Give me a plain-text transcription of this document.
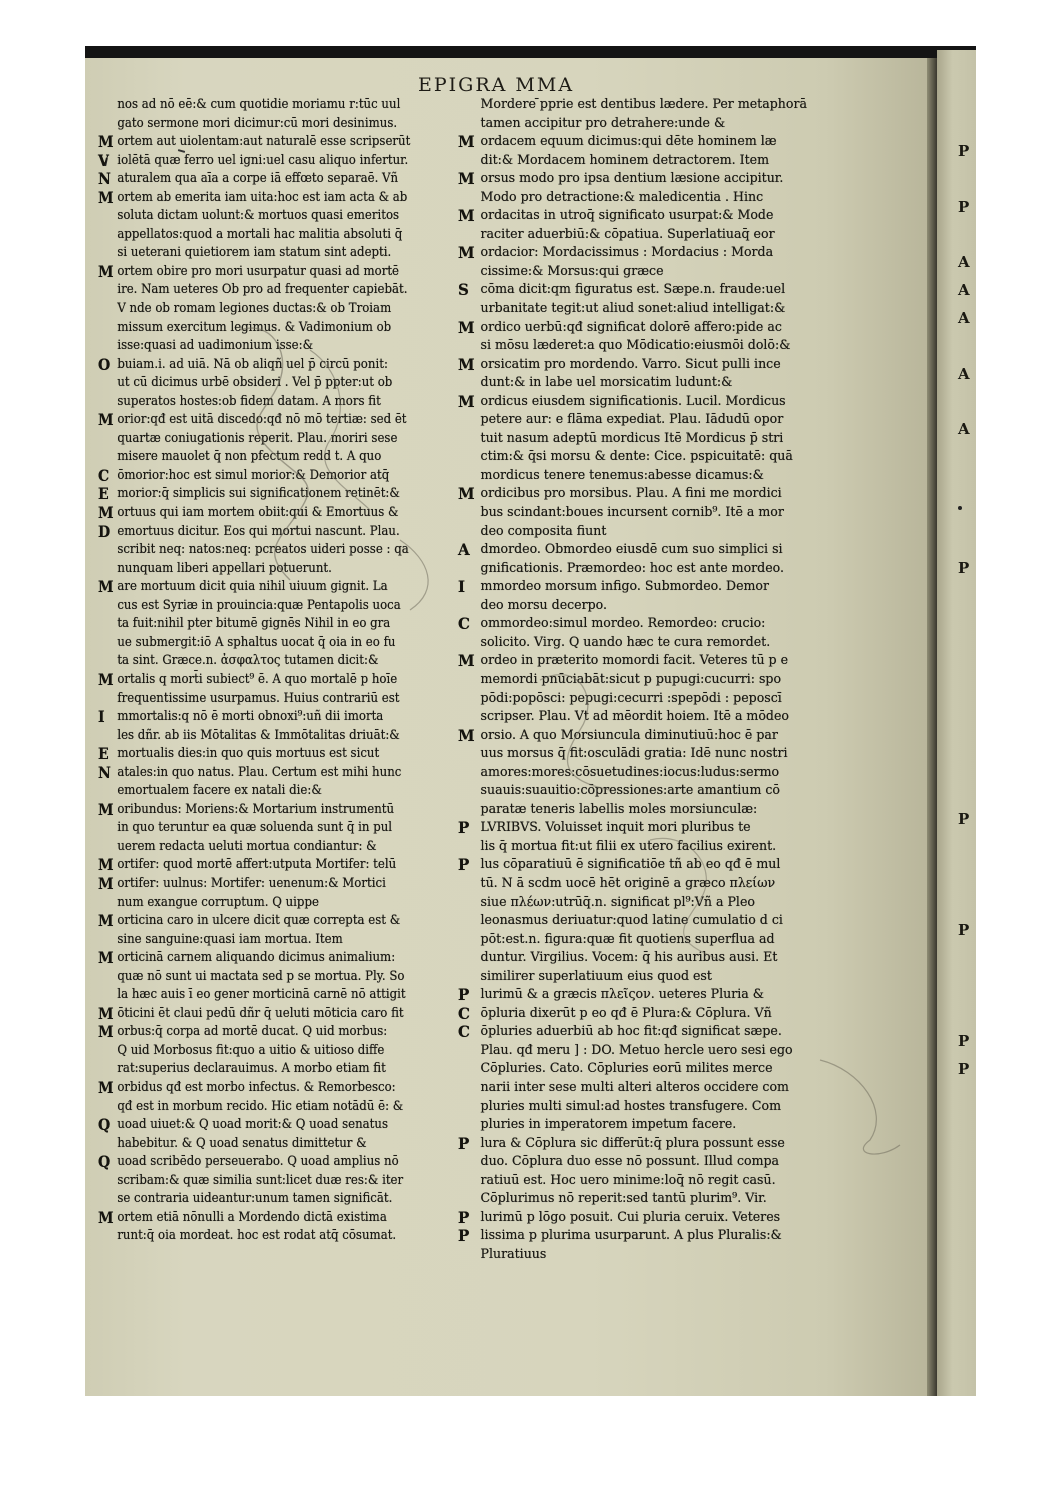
EPIGRA MMA
nos ad nō eē:& cum quotidie moriamu r:tūc uul
gato sermone mori dicimur:cū mori desinimus.
M ortem aut uiolentam:aut naturalē esse scripserūt
V iolētā quæ ferro uel igni:uel casu aliquo infertur.
N aturalem qua aīa a corpe iā effœto separaē. Vñ
M ortem ab emerita iam uita:hoc est iam acta & ab
soluta dictam uolunt:& mortuos quasi emeritos
appellatos:quod a mortali hac malitia absoluti q̄
si ueterani quietiorem iam statum sint adepti.
M ortem obire pro mori usurpatur quasi ad mortē
ire. Nam ueteres Ob pro ad frequenter capiebāt.
V nde ob romam legiones ductas:& ob Troiam
missum exercitum legimus. & Vadimonium ob
isse:quasi ad uadimonium isse:&
O buiam.i. ad uiā. Nā ob aliqñ uel p̄ circū ponit:
ut cū dicimus urbē obsideri . Vel p̄ ppter:ut ob
superatos hostes:ob fidem datam. A mors fit
M orior:qđ est uitā discedo:qđ nō mō tertiæ: sed ēt
quartæ coniugationis reperit. Plau. moriri sese
misere mauolet q̄ non pfectum redd t. A quo
C ōmorior:hoc est simul morior:& Demorior atq̄
E morior:q̄ simplicis sui significationem retinēt:&
M ortuus qui iam mortem obiit:qui & Emortuus &
D emortuus dicitur. Eos qui mortui nascunt. Plau.
scribit neq: natos:neq: pcreatos uideri posse : qa
nunquam liberi appellari potuerunt.
M are mortuum dicit quia nihil uiuum gignit. La
cus est Syriæ in prouincia:quæ Pentapolis uoca
ta fuit:nihil pter bitumē gignēs Nihil in eo gra
ue submergit:iō A sphaltus uocat q̄ oia in eo fu
ta sint. Græce.n. ἀσφαλτος tutamen dicit:&
M ortalis q mort̄i subiect⁹ ē. A quo mortalē p hoīe
frequentissime usurpamus. Huius contrariū est
I mmortalis:q nō ē morti obnoxi⁹:uñ dii imorta
les dñr. ab iis Mōtalitas & Immōtalitas driuāt:&
E mortualis dies:in quo quis mortuus est sicut
N atales:in quo natus. Plau. Certum est mihi hunc
emortualem facere ex natali die:&
M oribundus: Moriens:& Mortarium instrumentū
in quo teruntur ea quæ soluenda sunt q̄ in pul
uerem redacta ueluti mortua condiantur: &
M ortifer: quod mortē affert:utputa Mortifer: telū
M ortifer: uulnus: Mortifer: uenenum:& Mortici
num exangue corruptum. Q uippe
M orticina caro in ulcere dicit quæ correpta est &
sine sanguine:quasi iam mortua. Item
M orticinā carnem aliquando dicimus animalium:
quæ nō sunt ui mactata sed p se mortua. Ply. So
la hæc auis ī eo gener morticinā carnē nō attigit
M ōticini ēt claui pedū dñr q̄ ueluti mōticia caro fit
M orbus:q̄ corpa ad mortē ducat. Q uid morbus:
Q uid Morbosus fit:quo a uitio & uitioso diffe
rat:superius declarauimus. A morbo etiam fit
M orbidus qđ est morbo infectus. & Remorbesco:
qđ est in morbum recido. Hic etiam notādū ē: &
Q uoad uiuet:& Q uoad morit:& Q uoad senatus
habebitur. & Q uoad senatus dimittetur &
Q uoad scribēdo perseuerabo. Q uoad amplius nō
scribam:& quæ similia sunt:licet duæ res:& iter
se contraria uideantur:unum tamen significāt.
M ortem etiā nōnulli a Mordendo dictā existima
runt:q̄ oia mordeat. hoc est rodat atq̄ cōsumat.
Mordere ̄pprie est dentibus lædere. Per metaphorā
tamen accipitur pro detrahere:unde &
M ordacem equum dicimus:qui dēte hominem læ
dit:& Mordacem hominem detractorem. Item
M orsus modo pro ipsa dentium læsione accipitur.
Modo pro detractione:& maledicentia . Hinc
M ordacitas in utroq̄ significato usurpat:& Mode
raciter aduerbiū:& cōpatiua. Superlatiuaq̄ eor
M ordacior: Mordacissimus : Mordacius : Morda
cissime:& Morsus:qui græce
S cōma dicit:qm figuratus est. Sæpe.n. fraude:uel
urbanitate tegit:ut aliud sonet:aliud intelligat:&
M ordico uerbū:qđ significat dolorē affero:pide ac
si mōsu læderet:a quo Mōdicatio:eiusmōi dolō:&
M orsicatim pro mordendo. Varro. Sicut pulli ince
dunt:& in labe uel morsicatim ludunt:&
M ordicus eiusdem significationis. Lucil. Mordicus
petere aur: e flāma expediat. Plau. Iādudū opor
tuit nasum adeptū mordicus Itē Mordicus p̄ stri
ctim:& q̄si morsu & dente: Cice. pspicuitatē: quā
mordicus tenere tenemus:abesse dicamus:&
M ordicibus pro morsibus. Plau. A fini me mordici
bus scindant:boues incursent cornib⁹. Itē a mor
deo composita fiunt
A dmordeo. Obmordeo eiusdē cum suo simplici si
gnificationis. Præmordeo: hoc est ante mordeo.
I mmordeo morsum infigo. Submordeo. Demor
deo morsu decerpo.
C ommordeo:simul mordeo. Remordeo: crucio:
solicito. Virg. Q uando hæc te cura remordet.
M ordeo in præterito momordi facit. Veteres tū p e
memordi pnūciabāt:sicut p pupugi:cucurri: spo
pōdi:popōsci: pepugi:cecurri :spepōdi : peposcī
scripser. Plau. Vt ad mēordit hoiem. Itē a mōdeo
M orsio. A quo Morsiuncula diminutiuū:hoc ē par
uus morsus q̄ fit:osculādi gratia: Idē nunc nostri
amores:mores:cōsuetudines:iocus:ludus:sermo
suauis:suauitio:cōpressiones:arte amantium cō
paratæ teneris labellis moles morsiunculæ:
P LVRIBVS. Voluisset inquit mori pluribus te
lis q̄ mortua fit:ut filii ex utero facilius exirent.
P lus cōparatiuū ē significatiōe tñ ab eo qđ ē mul
tū. N ā scdm uocē hēt originē a græco πλείων
siue πλέων:utrūq̄.n. significat pl⁹:Vñ a Pleo
leonasmus deriuatur:quod latine cumulatio d ci
pōt:est.n. figura:quæ fit quotiens superflua ad
duntur. Virgilius. Vocem: q̄ his auribus ausi. Et
similirer superlatiuum eius quod est
P lurimū & a græcis πλεῖςον. ueteres Pluria &
C ōpluria dixerūt p eo qđ ē Plura:& Cōplura. Vñ
C ōpluries aduerbiū ab hoc fit:qđ significat sæpe.
Plau. qđ meru ] : DO. Metuo hercle uero sesi ego
Cōpluries. Cato. Cōpluries eorū milites merce
narii inter sese multi alteri alteros occidere com
pluries multi simul:ad hostes transfugere. Com
pluries in imperatorem impetum facere.
P lura & Cōplura sic differūt:q̄ plura possunt esse
duo. Cōplura duo esse nō possunt. Illud compa
ratiuū est. Hoc uero minime:loq̄ nō regit casū.
Cōplurimus nō reperit:sed tantū plurim⁹. Vir.
P lurimū p lōgo posuit. Cui pluria ceruix. Veteres
P lissima p plurima usurparunt. A plus Pluralis:&
Pluratiuus
P
P
A
A
A
A
A
P
P
P
P
P
